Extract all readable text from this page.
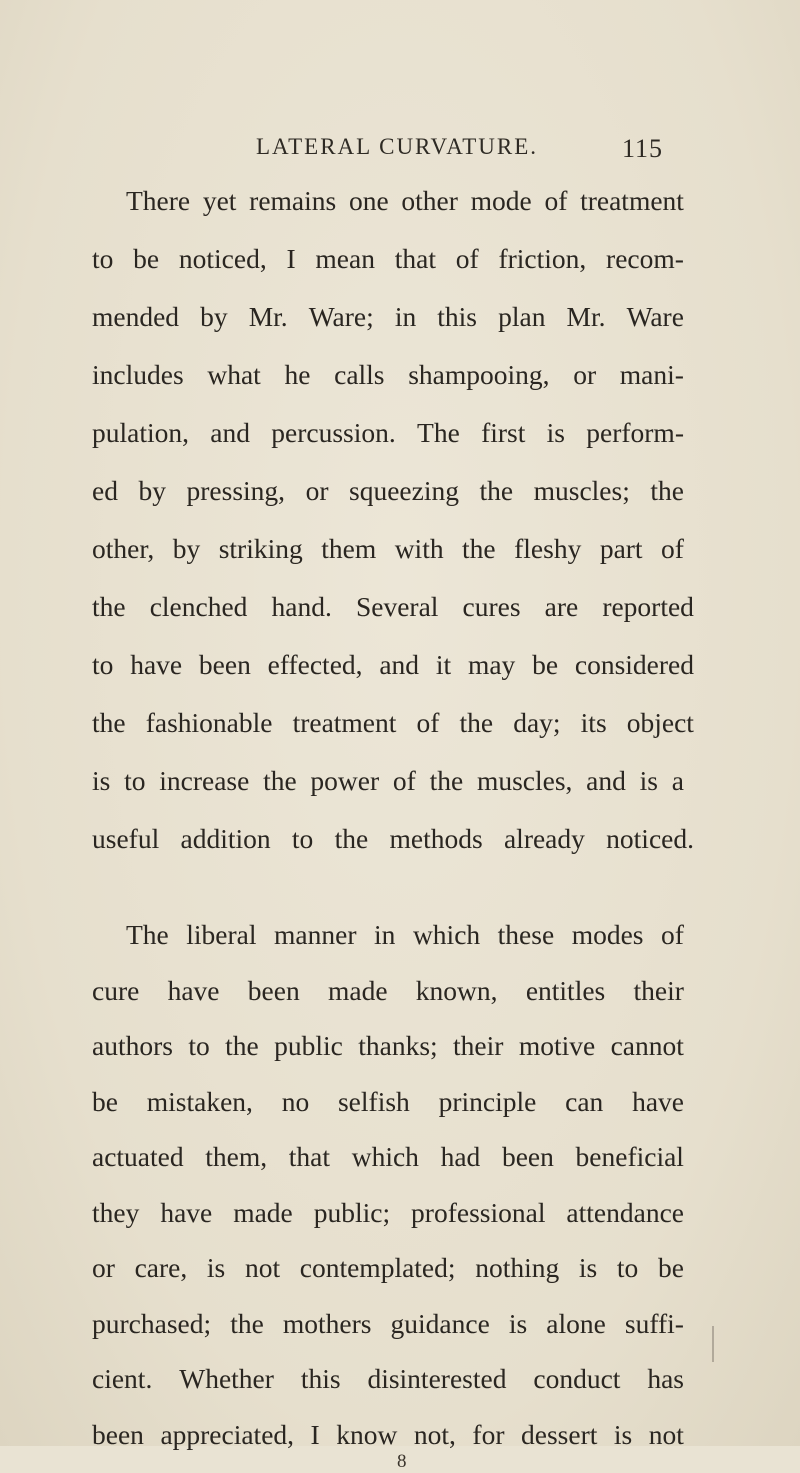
LATERAL CURVATURE.	115
There yet remains one other mode of treatment
to be noticed, I mean that of friction, recom-
mended by Mr. Ware; in this plan Mr. Ware
includes what he calls shampooing, or mani-
pulation, and percussion. The first is perform-
ed by pressing, or squeezing the muscles; the
other, by striking them with the fleshy part of
the clenched hand. Several cures are reported
to have been effected, and it may be considered
the fashionable treatment of the day; its object
is to increase the power of the muscles, and is a
useful addition to the methods already noticed.
The liberal manner in which these modes of
cure have been made known, entitles their
authors to the public thanks; their motive cannot
be mistaken, no selfish principle can have
actuated them, that which had been beneficial
they have made public; professional attendance
or care, is not contemplated; nothing is to be
purchased; the mothers guidance is alone suffi-
cient. Whether this disinterested conduct has
been appreciated, I know not, for dessert is not
8
